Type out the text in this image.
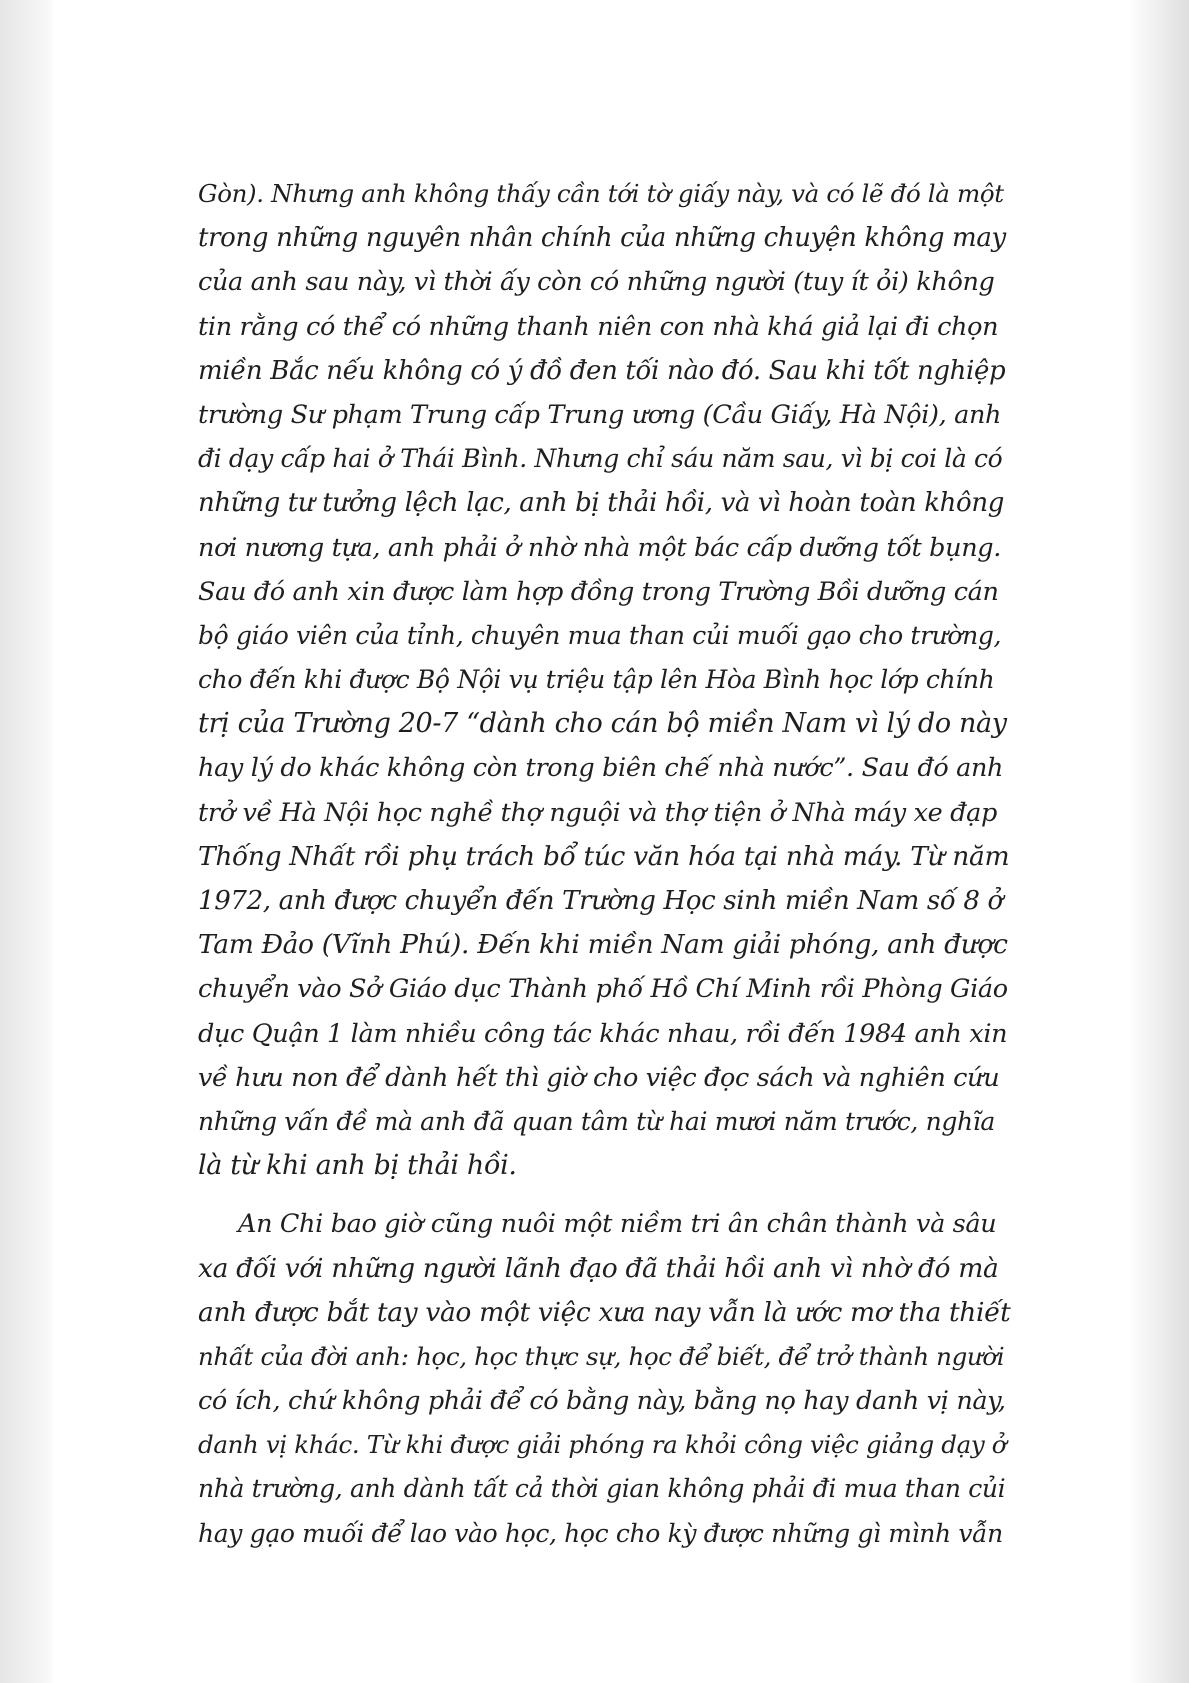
Gòn). Nhưng anh không thấy cần tới tờ giấy này, và có lẽ đó là một
trong những nguyên nhân chính của những chuyện không may
của anh sau này, vì thời ấy còn có những người (tuy ít ỏi) không
tin rằng có thể có những thanh niên con nhà khá giả lại đi chọn
miền Bắc nếu không có ý đồ đen tối nào đó. Sau khi tốt nghiệp
trường Sư phạm Trung cấp Trung ương (Cầu Giấy, Hà Nội), anh
đi dạy cấp hai ở Thái Bình. Nhưng chỉ sáu năm sau, vì bị coi là có
những tư tưởng lệch lạc, anh bị thải hồi, và vì hoàn toàn không
nơi nương tựa, anh phải ở nhờ nhà một bác cấp dưỡng tốt bụng.
Sau đó anh xin được làm hợp đồng trong Trường Bồi dưỡng cán
bộ giáo viên của tỉnh, chuyên mua than củi muối gạo cho trường,
cho đến khi được Bộ Nội vụ triệu tập lên Hòa Bình học lớp chính
trị của Trường 20-7 “dành cho cán bộ miền Nam vì lý do này
hay lý do khác không còn trong biên chế nhà nước”. Sau đó anh
trở về Hà Nội học nghề thợ nguội và thợ tiện ở Nhà máy xe đạp
Thống Nhất rồi phụ trách bổ túc văn hóa tại nhà máy. Từ năm
1972, anh được chuyển đến Trường Học sinh miền Nam số 8 ở
Tam Đảo (Vĩnh Phú). Đến khi miền Nam giải phóng, anh được
chuyển vào Sở Giáo dục Thành phố Hồ Chí Minh rồi Phòng Giáo
dục Quận 1 làm nhiều công tác khác nhau, rồi đến 1984 anh xin
về hưu non để dành hết thì giờ cho việc đọc sách và nghiên cứu
những vấn đề mà anh đã quan tâm từ hai mươi năm trước, nghĩa
là từ khi anh bị thải hồi.
An Chi bao giờ cũng nuôi một niềm tri ân chân thành và sâu
xa đối với những người lãnh đạo đã thải hồi anh vì nhờ đó mà
anh được bắt tay vào một việc xưa nay vẫn là ước mơ tha thiết
nhất của đời anh: học, học thực sự, học để biết, để trở thành người
có ích, chứ không phải để có bằng này, bằng nọ hay danh vị này,
danh vị khác. Từ khi được giải phóng ra khỏi công việc giảng dạy ở
nhà trường, anh dành tất cả thời gian không phải đi mua than củi
hay gạo muối để lao vào học, học cho kỳ được những gì mình vẫn
